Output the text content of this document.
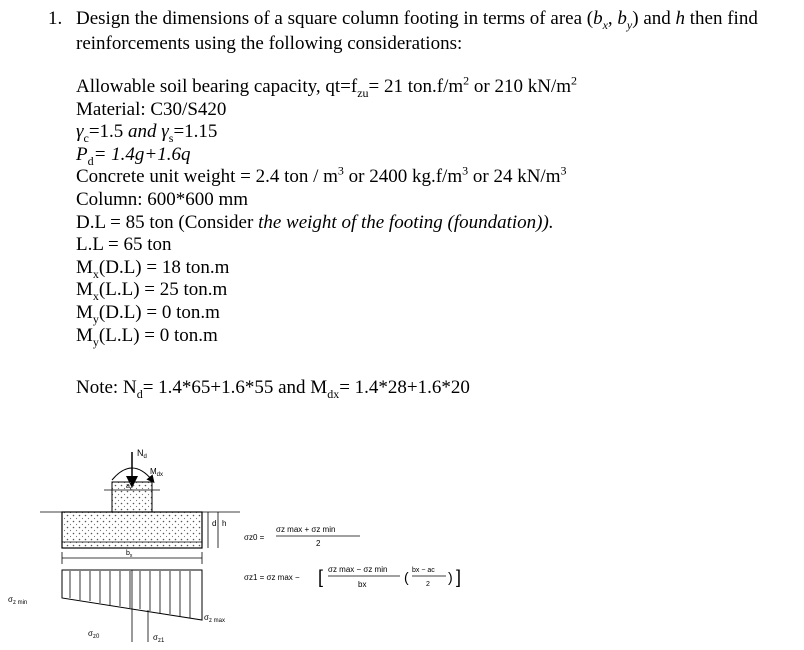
1. Design the dimensions of a square column footing in terms of area ($b_x$, $b_y$) and h then find
reinforcements using the following considerations:
Allowable soil bearing capacity, $qt=f_{zu}= 21$ $ton.f/m^2$ or 210 $kN/m^2$
Material: C30/S420
$\gamma_c=1.5$ and $\gamma_s=1.15$
$P_d= 1.4g+1.6q$
Concrete unit weight = 2.4 ton / $m^3$ or 2400 $kg.f/m^3$ or 24 $kN/m^3$
Column: 600*600 mm
D.L = 85 ton (Consider the weight of the footing (foundation)).
L.L = 65 ton
$M_x(D.L) = 18$ ton.m
$M_x(L.L) = 25$ ton.m
$M_y(D.L) = 0$ ton.m
$M_y(L.L) = 0$ ton.m
Note: $N_d= 1.4*65+1.6*55$ and $M_{dx}= 1.4*28+1.6*20$
$N_d$
$M_{dx}$
$a_c$
d h
$b_x$
$\sigma_{z min}$
$\sigma_{z0}$	$\sigma_{z1}$
$\sigma_{z max}$
σz0 =
σz max + σz min
2
σz1 = σz max − [ σz max − σz min
bx	( bx − ac
2 ) ]
